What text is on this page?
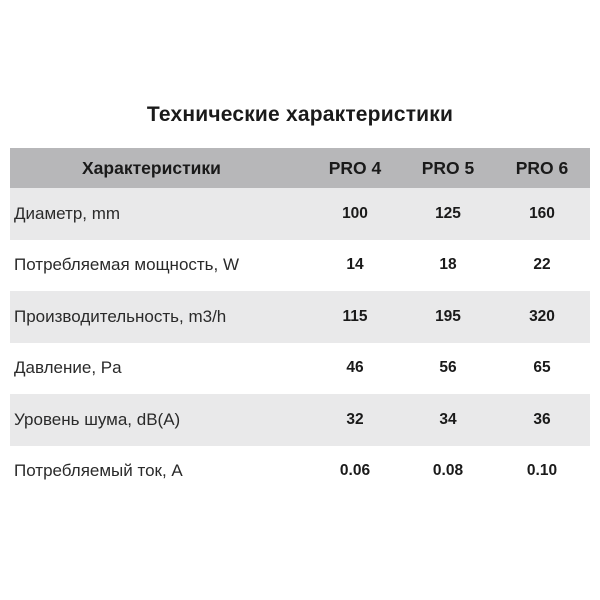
Технические характеристики
Характеристики	PRO 4	PRO 5	PRO 6
Диаметр, mm	100	125	160
Потребляемая мощность, W	14	18	22
Производительность, m3/h	115	195	320
Давление, Pa	46	56	65
Уровень шума, dB(A)	32	34	36
Потребляемый ток, A	0.06	0.08	0.10
